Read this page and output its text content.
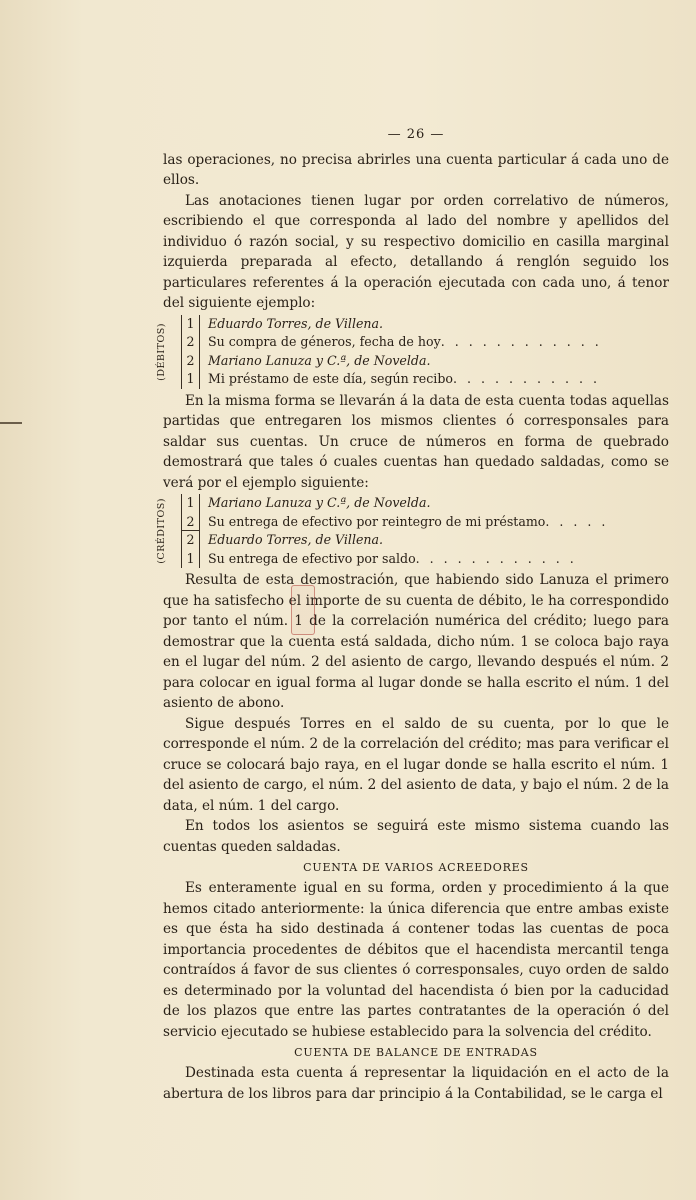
— 26 —

las operaciones, no precisa abrirles una cuenta particular á cada uno de ellos.

Las anotaciones tienen lugar por orden correlativo de números, escribiendo el que corresponda al lado del nombre y apellidos del individuo ó razón social, y su respectivo domicilio en casilla marginal izquierda preparada al efecto, detallando á renglón seguido los particulares referentes á la operación ejecutada con cada uno, á tenor del siguiente ejemplo:

(DÉBITOS)	1	Eduardo Torres, de Villena.
2	Su compra de géneros, fecha de hoy. . . . . . . . . . . .
2	Mariano Lanuza y C.ª, de Novelda.
1	Mi préstamo de este día, según recibo. . . . . . . . . . .

En la misma forma se llevarán á la data de esta cuenta todas aquellas partidas que entregaren los mismos clientes ó corresponsales para saldar sus cuentas. Un cruce de números en forma de quebrado demostrará que tales ó cuales cuentas han quedado saldadas, como se verá por el ejemplo siguiente:

(CRÉDITOS)	1	Mariano Lanuza y C.ª, de Novelda.
2	Su entrega de efectivo por reintegro de mi préstamo. . . . .
2	Eduardo Torres, de Villena.
1	Su entrega de efectivo por saldo. . . . . . . . . . . .

Resulta de esta demostración, que habiendo sido Lanuza el primero que ha satisfecho el importe de su cuenta de débito, le ha correspondido por tanto el núm. 1 de la correlación numérica del crédito; luego para demostrar que la cuenta está saldada, dicho núm. 1 se coloca bajo raya en el lugar del núm. 2 del asiento de cargo, llevando después el núm. 2 para colocar en igual forma al lugar donde se halla escrito el núm. 1 del asiento de abono.

Sigue después Torres en el saldo de su cuenta, por lo que le corresponde el núm. 2 de la correlación del crédito; mas para verificar el cruce se colocará bajo raya, en el lugar donde se halla escrito el núm. 1 del asiento de cargo, el núm. 2 del asiento de data, y bajo el núm. 2 de la data, el núm. 1 del cargo.

En todos los asientos se seguirá este mismo sistema cuando las cuentas queden saldadas.

CUENTA DE VARIOS ACREEDORES

Es enteramente igual en su forma, orden y procedimiento á la que hemos citado anteriormente: la única diferencia que entre ambas existe es que ésta ha sido destinada á contener todas las cuentas de poca importancia procedentes de débitos que el hacendista mercantil tenga contraídos á favor de sus clientes ó corresponsales, cuyo orden de saldo es determinado por la voluntad del hacendista ó bien por la caducidad de los plazos que entre las partes contratantes de la operación ó del servicio ejecutado se hubiese establecido para la solvencia del crédito.

CUENTA DE BALANCE DE ENTRADAS

Destinada esta cuenta á representar la liquidación en el acto de la abertura de los libros para dar principio á la Contabilidad, se le carga el
